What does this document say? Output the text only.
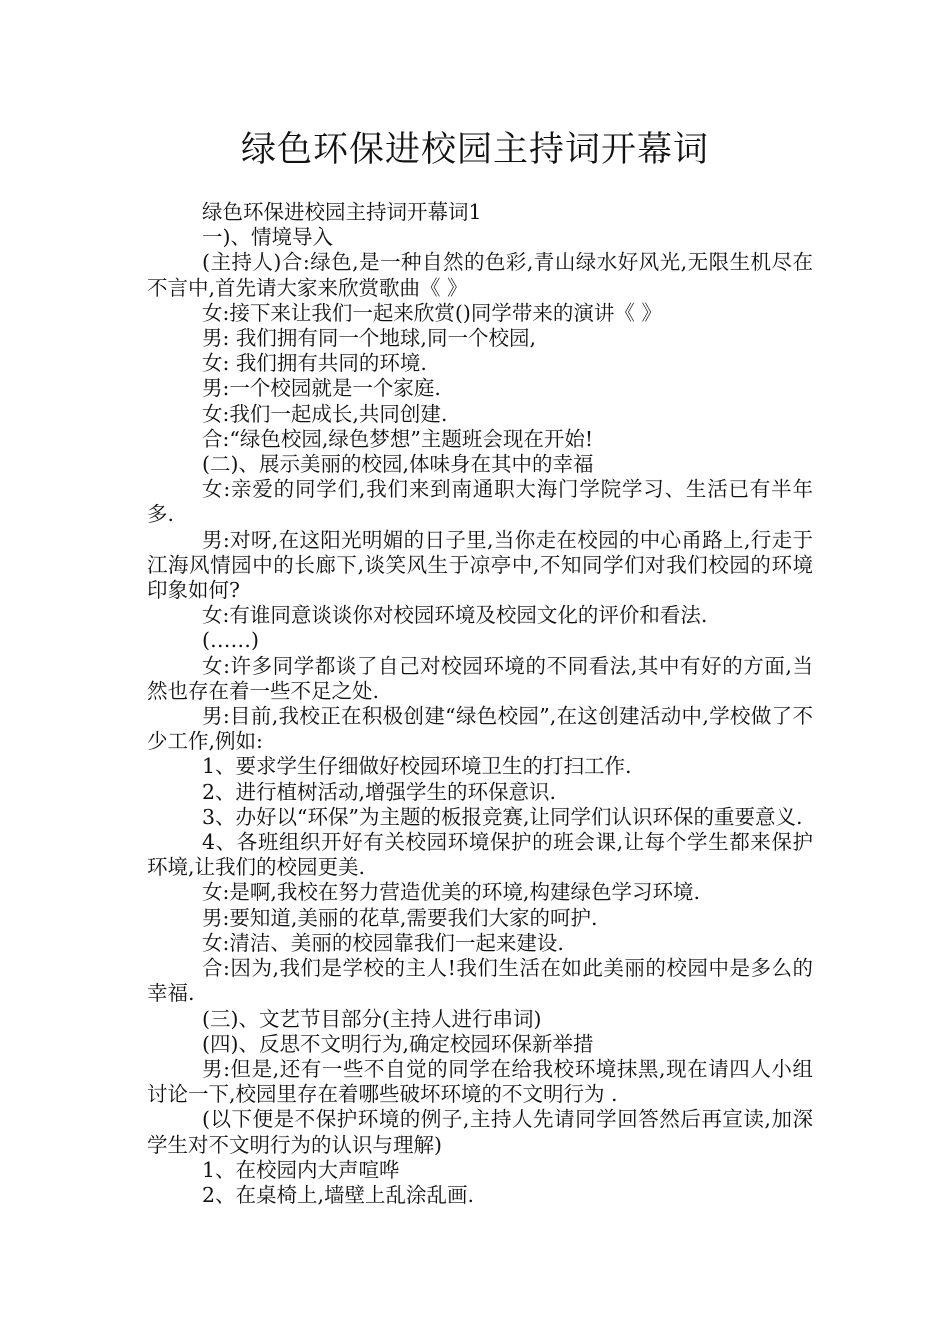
绿色环保进校园主持词开幕词

绿色环保进校园主持词开幕词1

一)、情境导入

(主持人)合:绿色,是一种自然的色彩,青山绿水好风光,无限生机尽在不言中,首先请大家来欣赏歌曲《 》

女:接下来让我们一起来欣赏()同学带来的演讲《 》

男: 我们拥有同一个地球,同一个校园,

女: 我们拥有共同的环境.

男:一个校园就是一个家庭.

女:我们一起成长,共同创建.

合:“绿色校园,绿色梦想”主题班会现在开始!

(二)、展示美丽的校园,体味身在其中的幸福

女:亲爱的同学们,我们来到南通职大海门学院学习、生活已有半年多.

男:对呀,在这阳光明媚的日子里,当你走在校园的中心甬路上,行走于江海风情园中的长廊下,谈笑风生于凉亭中,不知同学们对我们校园的环境印象如何?

女:有谁同意谈谈你对校园环境及校园文化的评价和看法.

(……)

女:许多同学都谈了自己对校园环境的不同看法,其中有好的方面,当然也存在着一些不足之处.

男:目前,我校正在积极创建“绿色校园”,在这创建活动中,学校做了不少工作,例如:

1、要求学生仔细做好校园环境卫生的打扫工作.

2、进行植树活动,增强学生的环保意识.

3、办好以“环保”为主题的板报竞赛,让同学们认识环保的重要意义.

4、各班组织开好有关校园环境保护的班会课,让每个学生都来保护环境,让我们的校园更美.

女:是啊,我校在努力营造优美的环境,构建绿色学习环境.

男:要知道,美丽的花草,需要我们大家的呵护.

女:清洁、美丽的校园靠我们一起来建设.

合:因为,我们是学校的主人!我们生活在如此美丽的校园中是多么的幸福.

(三)、文艺节目部分(主持人进行串词)

(四)、反思不文明行为,确定校园环保新举措

男:但是,还有一些不自觉的同学在给我校环境抹黑,现在请四人小组讨论一下,校园里存在着哪些破坏环境的不文明行为 .

(以下便是不保护环境的例子,主持人先请同学回答然后再宣读,加深学生对不文明行为的认识与理解)

1、在校园内大声喧哗

2、在桌椅上,墙壁上乱涂乱画.
